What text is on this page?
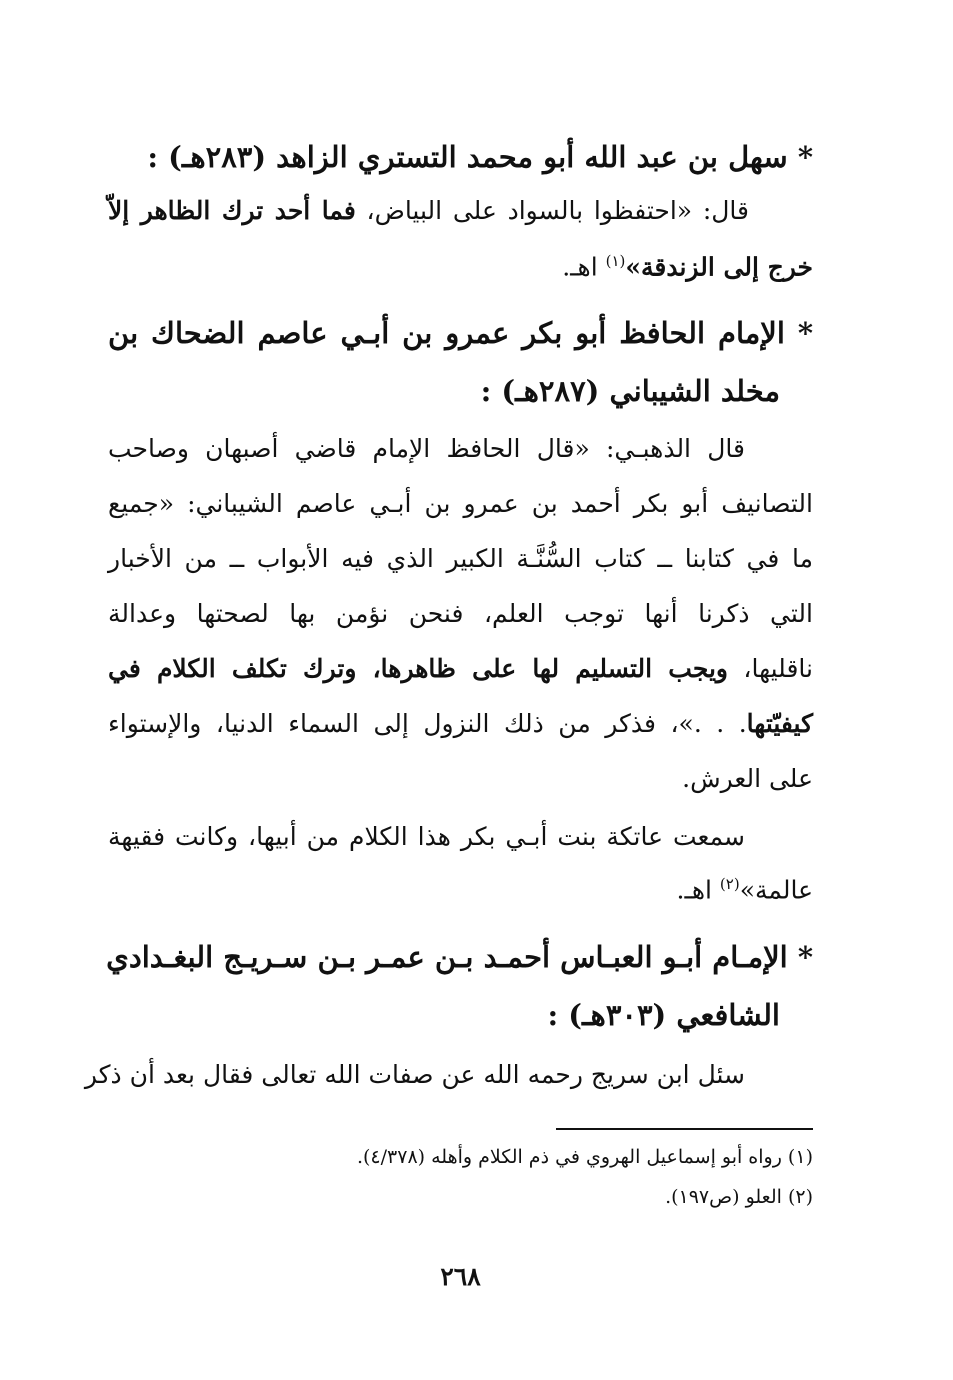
* سهل بن عبد الله أبو محمد التستري الزاهد (٢٨٣هـ) :
قال: «احتفظوا بالسواد على البياض، فما أحد ترك الظاهر إلاّ
خرج إلى الزندقة»$^{(١)}$ اهـ.
* الإمام الحافظ أبو بكر عمرو بن أبـي عاصم الضحاك بن
مخلد الشيباني (٢٨٧هـ) :
قال الذهبـي: «قال الحافظ الإمام قاضي أصبهان وصاحب
التصانيف أبو بكر أحمد بن عمرو بن أبـي عاصم الشيباني: «جميع
ما في كتابنا ــ كتاب السُّنَّـة الكبير الذي فيه الأبواب ــ من الأخبار
التي ذكرنا أنها توجب العلم، فنحن نؤمن بها لصحتها وعدالة
ناقليها، ويجب التسليم لها على ظاهرها، وترك تكلف الكلام في
كيفيّتها. . .»، فذكر من ذلك النزول إلى السماء الدنيا، والإستواء
على العرش.
سمعت عاتكة بنت أبـي بكر هذا الكلام من أبيها، وكانت فقيهة
عالمة»$^{(٢)}$ اهـ.
* الإمـام أبـو العبـاس أحمـد بـن عمـر بـن سـريـج البغـدادي
الشافعي (٣٠٣هـ) :
سئل ابن سريج رحمه الله عن صفات الله تعالى فقال بعد أن ذكر
(١) رواه أبو إسماعيل الهروي في ذم الكلام وأهله (٤/٣٧٨).
(٢) العلو (ص١٩٧).
٢٦٨
